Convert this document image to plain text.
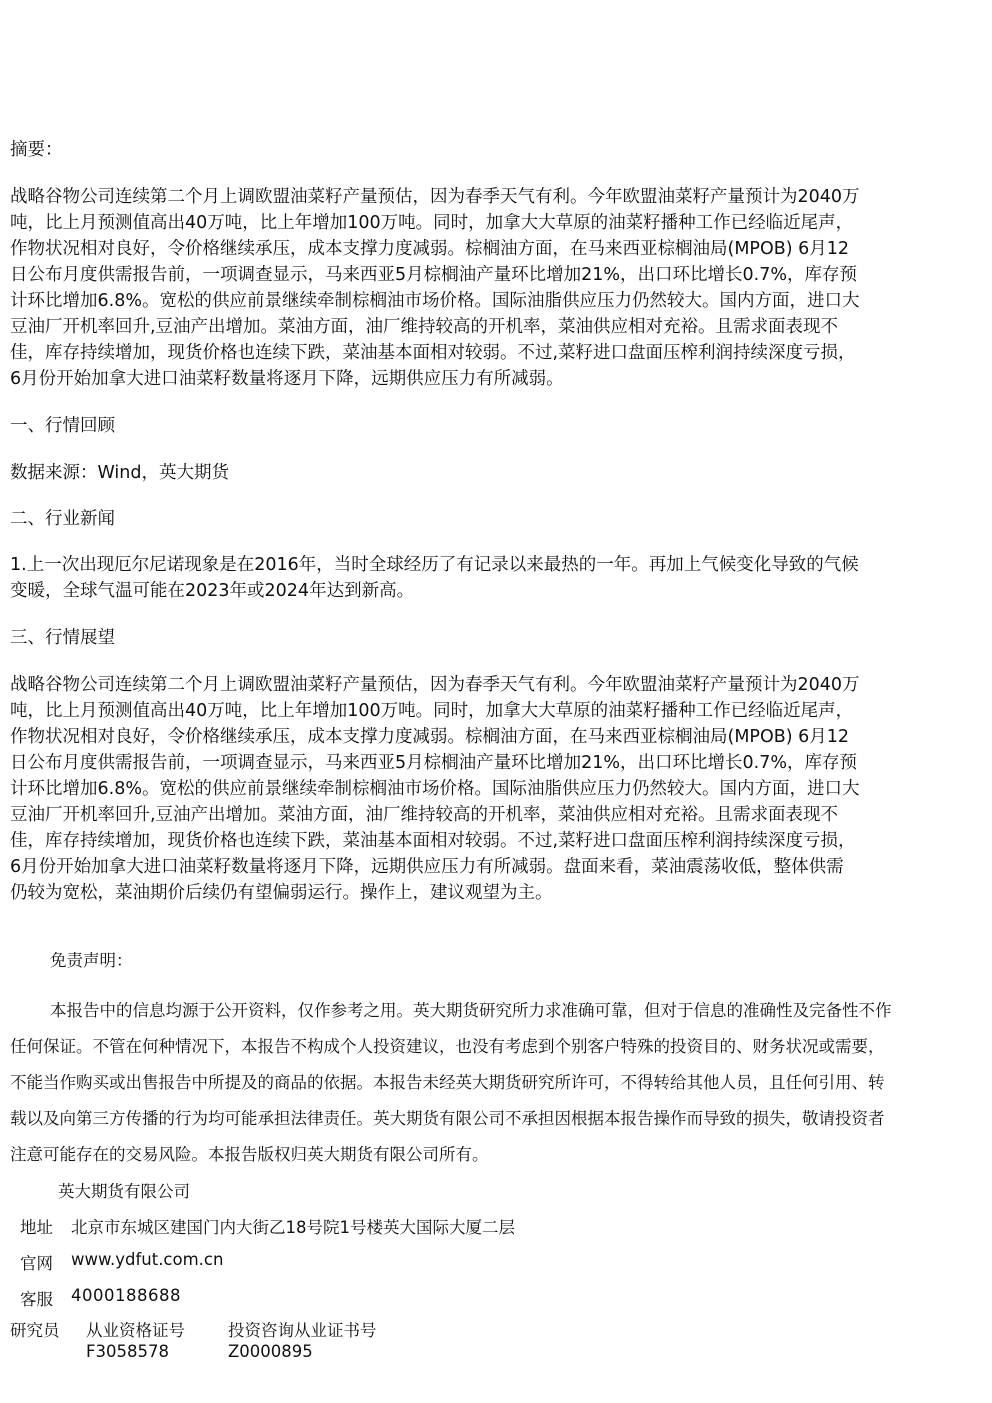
摘要：
战略谷物公司连续第二个月上调欧盟油菜籽产量预估，因为春季天气有利。今年欧盟油菜籽产量预计为2040万
吨，比上月预测值高出40万吨，比上年增加100万吨。同时，加拿大大草原的油菜籽播种工作已经临近尾声，
作物状况相对良好，令价格继续承压，成本支撑力度减弱。棕榈油方面，在马来西亚棕榈油局(MPOB) 6月12
日公布月度供需报告前，一项调查显示，马来西亚5月棕榈油产量环比增加21%，出口环比增长0.7%，库存预
计环比增加6.8%。宽松的供应前景继续牵制棕榈油市场价格。国际油脂供应压力仍然较大。国内方面，进口大
豆油厂开机率回升,豆油产出增加。菜油方面，油厂维持较高的开机率，菜油供应相对充裕。且需求面表现不
佳，库存持续增加，现货价格也连续下跌，菜油基本面相对较弱。不过,菜籽进口盘面压榨利润持续深度亏损，
6月份开始加拿大进口油菜籽数量将逐月下降，远期供应压力有所减弱。
一、行情回顾
数据来源：Wind，英大期货
二、行业新闻
1.上一次出现厄尔尼诺现象是在2016年，当时全球经历了有记录以来最热的一年。再加上气候变化导致的气候
变暖，全球气温可能在2023年或2024年达到新高。
三、行情展望
战略谷物公司连续第二个月上调欧盟油菜籽产量预估，因为春季天气有利。今年欧盟油菜籽产量预计为2040万
吨，比上月预测值高出40万吨，比上年增加100万吨。同时，加拿大大草原的油菜籽播种工作已经临近尾声，
作物状况相对良好，令价格继续承压，成本支撑力度减弱。棕榈油方面，在马来西亚棕榈油局(MPOB) 6月12
日公布月度供需报告前，一项调查显示，马来西亚5月棕榈油产量环比增加21%，出口环比增长0.7%，库存预
计环比增加6.8%。宽松的供应前景继续牵制棕榈油市场价格。国际油脂供应压力仍然较大。国内方面，进口大
豆油厂开机率回升,豆油产出增加。菜油方面，油厂维持较高的开机率，菜油供应相对充裕。且需求面表现不
佳，库存持续增加，现货价格也连续下跌，菜油基本面相对较弱。不过,菜籽进口盘面压榨利润持续深度亏损，
6月份开始加拿大进口油菜籽数量将逐月下降，远期供应压力有所减弱。盘面来看，菜油震荡收低，整体供需
仍较为宽松，菜油期价后续仍有望偏弱运行。操作上，建议观望为主。
免责声明：
本报告中的信息均源于公开资料，仅作参考之用。英大期货研究所力求准确可靠，但对于信息的准确性及完备性不作
任何保证。不管在何种情况下，本报告不构成个人投资建议，也没有考虑到个别客户特殊的投资目的、财务状况或需要，
不能当作购买或出售报告中所提及的商品的依据。本报告未经英大期货研究所许可，不得转给其他人员，且任何引用、转
载以及向第三方传播的行为均可能承担法律责任。英大期货有限公司不承担因根据本报告操作而导致的损失，敬请投资者
注意可能存在的交易风险。本报告版权归英大期货有限公司所有。
英大期货有限公司
地址 北京市东城区建国门内大街乙18号院1号楼英大国际大厦二层
官网 www.ydfut.com.cn
客服 4000188688
研究员 从业资格证号	投资咨询从业证书号
F3058578	Z0000895
